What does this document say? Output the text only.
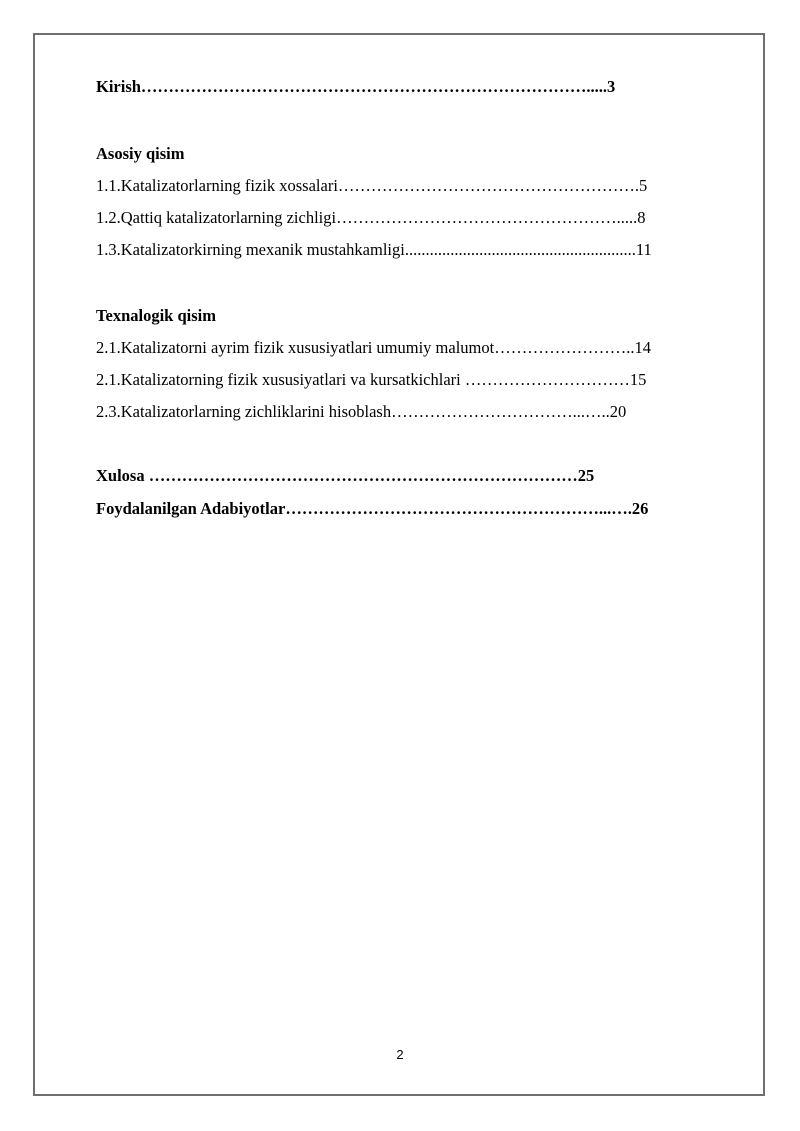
Kirish……………………………………………………………………….....3
Asosiy qisim
1.1.Katalizatorlarning fizik xossalari……………………………………………….5
1.2.Qattiq katalizatorlarning zichligi…………………………………………….....8
1.3.Katalizatorkirning mexanik mustahkamligi........................................................11
Texnalogik qisim
2.1.Katalizatorni ayrim fizik xususiyatlari umumiy malumot……………………..14
2.1.Katalizatorning fizik xususiyatlari va kursatkichlari …………………………15
2.3.Katalizatorlarning zichliklarini hisoblash……………………………...…..20
Xulosa ……………………………………………………………………25
Foydalanilgan Adabiyotlar…………………………………………………...….26
2
